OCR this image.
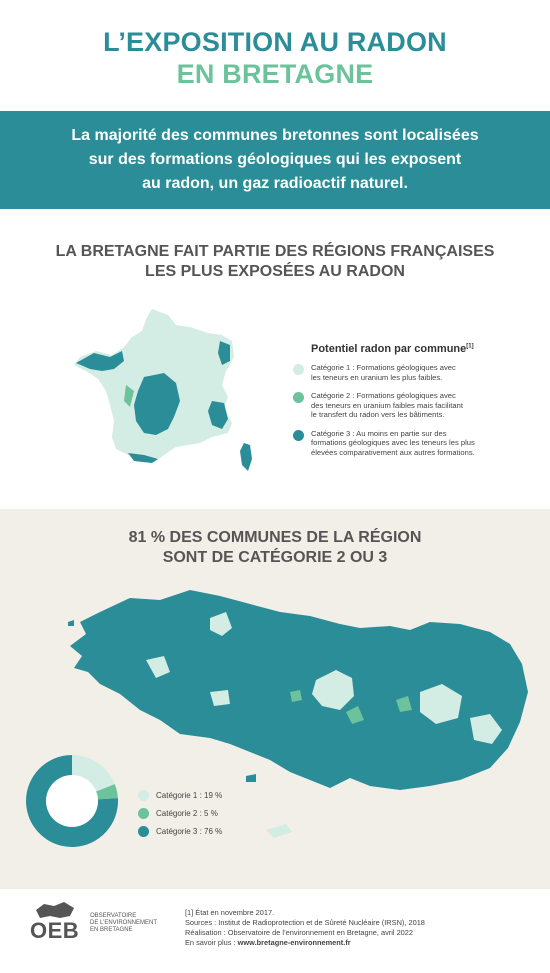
L’EXPOSITION AU RADON
EN BRETAGNE
La majorité des communes bretonnes sont localisées
sur des formations géologiques qui les exposent
au radon, un gaz radioactif naturel.
LA BRETAGNE FAIT PARTIE DES RÉGIONS FRANÇAISES
LES PLUS EXPOSÉES AU RADON
Potentiel radon par commune[1]
Catégorie 1 : Formations géologiques avec
les teneurs en uranium les plus faibles.
Catégorie 2 : Formations géologiques avec
des teneurs en uranium faibles mais facilitant
le transfert du radon vers les bâtiments.
Catégorie 3 : Au moins en partie sur des
formations géologiques avec les teneurs les plus
élevées comparativement aux autres formations.
81 % DES COMMUNES DE LA RÉGION
SONT DE CATÉGORIE 2 OU 3
Catégorie 1 : 19 %
Catégorie 2 : 5 %
Catégorie 3 : 76 %
OEB
OBSERVATOIRE
DE L’ENVIRONNEMENT
EN BRETAGNE
[1] État en novembre 2017.
Sources : Institut de Radioprotection et de Sûreté Nucléaire (IRSN), 2018
Réalisation : Observatoire de l’environnement en Bretagne, avril 2022
En savoir plus : www.bretagne-environnement.fr
